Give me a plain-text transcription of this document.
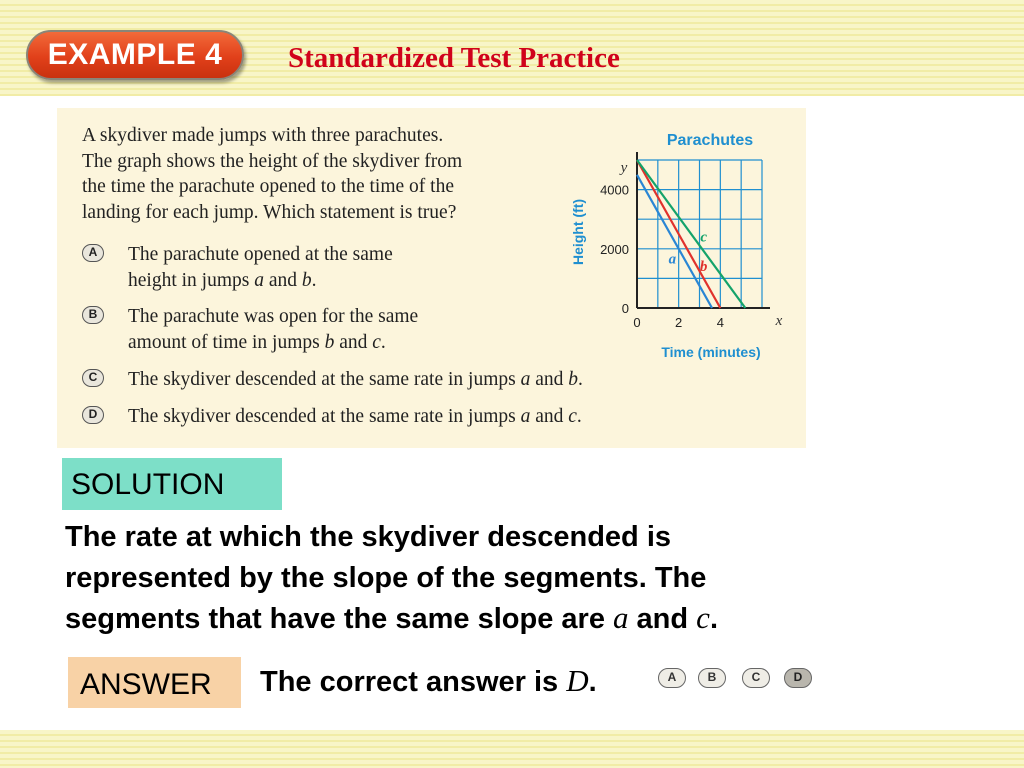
EXAMPLE 4 Standardized Test Practice
A skydiver made jumps with three parachutes.
The graph shows the height of the skydiver from
the time the parachute opened to the time of the
landing for each jump. Which statement is true?
A	The parachute opened at the same
height in jumps a and b.
B	The parachute was open for the same
amount of time in jumps b and c.
C	The skydiver descended at the same rate in jumps a and b.
D	The skydiver descended at the same rate in jumps a and c.
Parachutes
a b
c
0	2	4
0
2000
4000
y
x
Time (minutes)
Height (ft)
SOLUTION
The rate at which the skydiver descended is
represented by the slope of the segments. The
segments that have the same slope are a and c.
ANSWER	The correct answer is D.	A	B	C	D
